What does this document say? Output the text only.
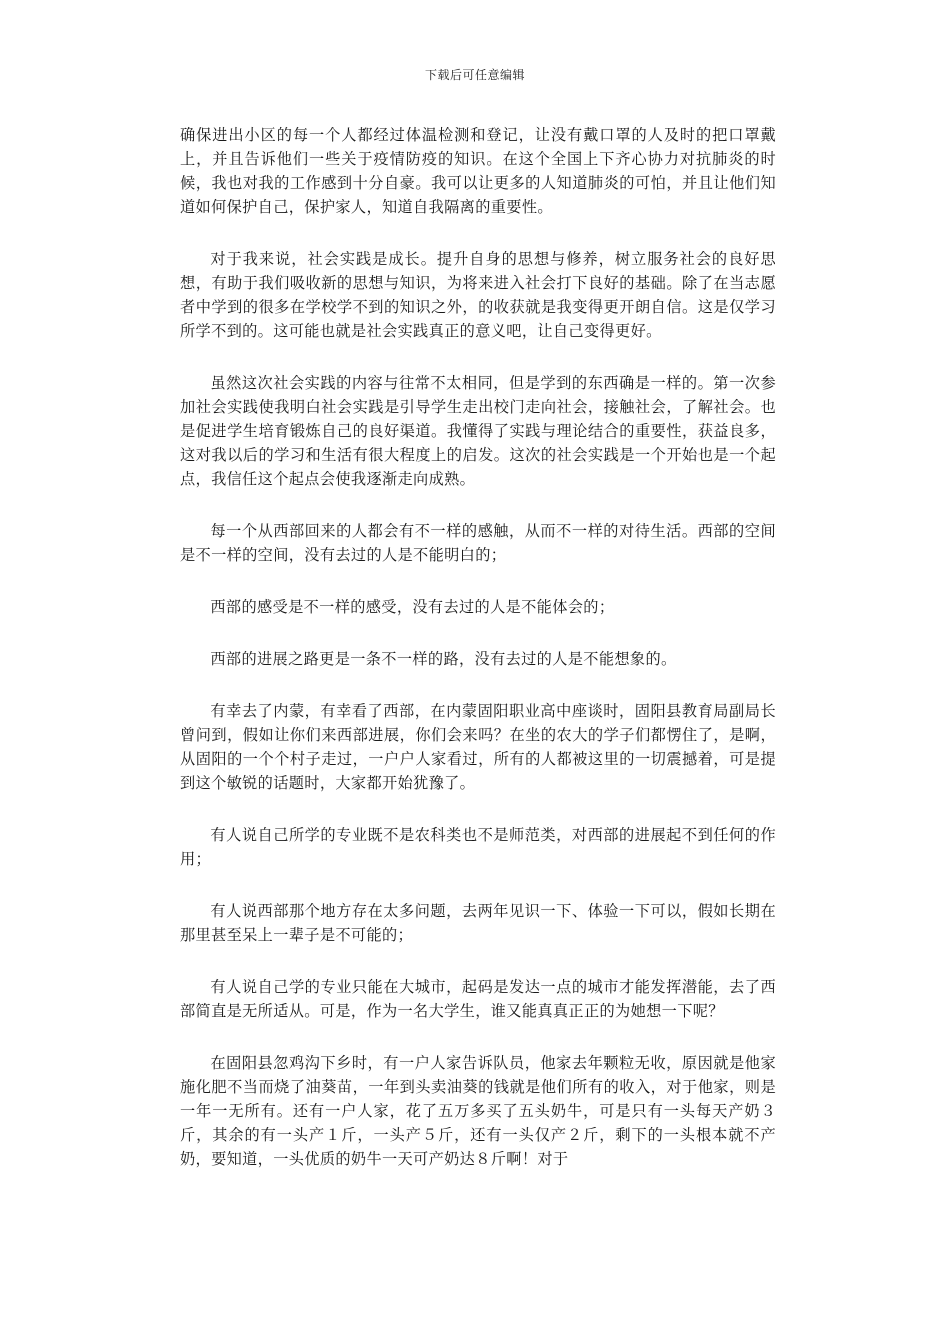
下载后可任意编辑

确保进出小区的每一个人都经过体温检测和登记，让没有戴口罩的人及时的把口罩戴上，并且告诉他们一些关于疫情防疫的知识。在这个全国上下齐心协力对抗肺炎的时候，我也对我的工作感到十分自豪。我可以让更多的人知道肺炎的可怕，并且让他们知道如何保护自己，保护家人，知道自我隔离的重要性。

对于我来说，社会实践是成长。提升自身的思想与修养，树立服务社会的良好思想，有助于我们吸收新的思想与知识，为将来进入社会打下良好的基础。除了在当志愿者中学到的很多在学校学不到的知识之外，的收获就是我变得更开朗自信。这是仅学习所学不到的。这可能也就是社会实践真正的意义吧，让自己变得更好。

虽然这次社会实践的内容与往常不太相同，但是学到的东西确是一样的。第一次参加社会实践使我明白社会实践是引导学生走出校门走向社会，接触社会，了解社会。也是促进学生培育锻炼自己的良好渠道。我懂得了实践与理论结合的重要性，获益良多，这对我以后的学习和生活有很大程度上的启发。这次的社会实践是一个开始也是一个起点，我信任这个起点会使我逐渐走向成熟。

每一个从西部回来的人都会有不一样的感触，从而不一样的对待生活。西部的空间是不一样的空间，没有去过的人是不能明白的；

西部的感受是不一样的感受，没有去过的人是不能体会的；

西部的进展之路更是一条不一样的路，没有去过的人是不能想象的。

有幸去了内蒙，有幸看了西部，在内蒙固阳职业高中座谈时，固阳县教育局副局长曾问到，假如让你们来西部进展，你们会来吗？在坐的农大的学子们都愣住了，是啊，从固阳的一个个村子走过，一户户人家看过，所有的人都被这里的一切震撼着，可是提到这个敏锐的话题时，大家都开始犹豫了。

有人说自己所学的专业既不是农科类也不是师范类，对西部的进展起不到任何的作用；

有人说西部那个地方存在太多问题，去两年见识一下、体验一下可以，假如长期在那里甚至呆上一辈子是不可能的；

有人说自己学的专业只能在大城市，起码是发达一点的城市才能发挥潜能，去了西部简直是无所适从。可是，作为一名大学生，谁又能真真正正的为她想一下呢？

在固阳县忽鸡沟下乡时，有一户人家告诉队员，他家去年颗粒无收，原因就是他家施化肥不当而烧了油葵苗，一年到头卖油葵的钱就是他们所有的收入，对于他家，则是一年一无所有。还有一户人家，花了五万多买了五头奶牛，可是只有一头每天产奶３斤，其余的有一头产１斤，一头产５斤，还有一头仅产２斤，剩下的一头根本就不产奶，要知道，一头优质的奶牛一天可产奶达８斤啊！对于
